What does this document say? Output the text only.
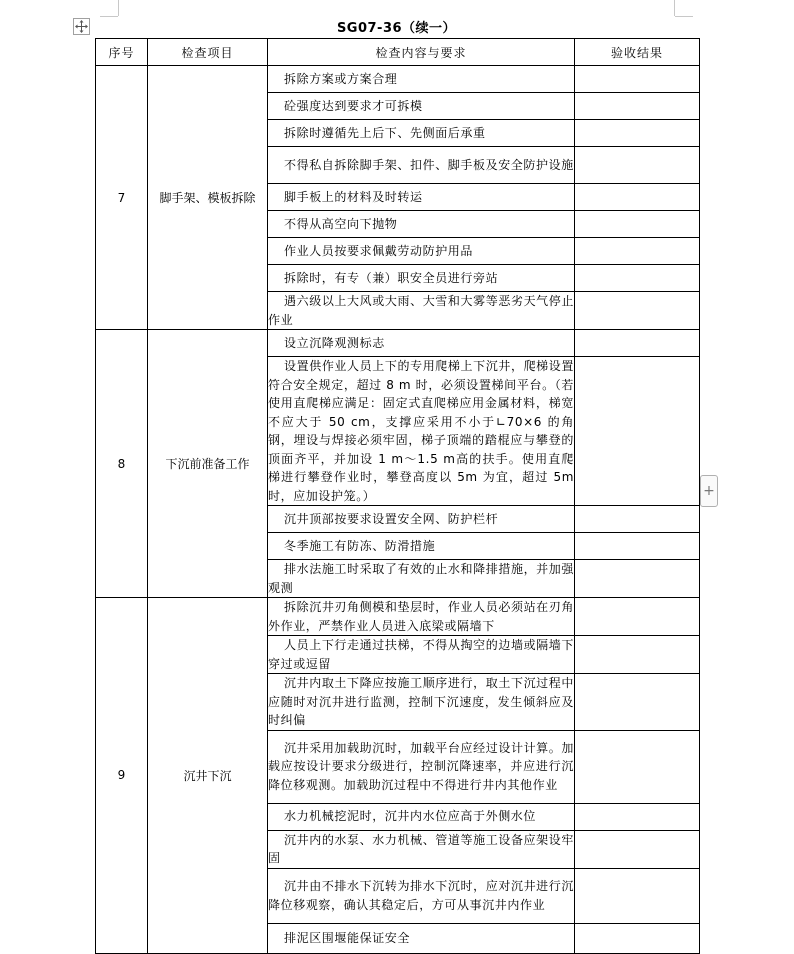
+
SG07-36（续一）
序号	检查项目	检查内容与要求	验收结果
7	脚手架、模板拆除	拆除方案或方案合理	
		砼强度达到要求才可拆模	
		拆除时遵循先上后下、先侧面后承重	
		不得私自拆除脚手架、扣件、脚手板及安全防护设施	
		脚手板上的材料及时转运	
		不得从高空向下抛物	
		作业人员按要求佩戴劳动防护用品	
		拆除时，有专（兼）职安全员进行旁站	
		遇六级以上大风或大雨、大雪和大雾等恶劣天气停止作业	
8	下沉前准备工作	设立沉降观测标志	
		设置供作业人员上下的专用爬梯上下沉井，爬梯设置符合安全规定，超过 8 m 时，必须设置梯间平台。（若使用直爬梯应满足：固定式直爬梯应用金属材料，梯宽不应大于 50 cm，支撑应采用不小于∟70×6 的角钢，埋设与焊接必须牢固，梯子顶端的踏棍应与攀登的顶面齐平，并加设 1 m～1.5 m高的扶手。使用直爬梯进行攀登作业时，攀登高度以 5m 为宜，超过 5m 时，应加设护笼。）	
		沉井顶部按要求设置安全网、防护栏杆	
		冬季施工有防冻、防滑措施	
		排水法施工时采取了有效的止水和降排措施，并加强观测	
9	沉井下沉	拆除沉井刃角侧模和垫层时，作业人员必须站在刃角外作业，严禁作业人员进入底梁或隔墙下	
		人员上下行走通过扶梯，不得从掏空的边墙或隔墙下穿过或逗留	
		沉井内取土下降应按施工顺序进行，取土下沉过程中应随时对沉井进行监测，控制下沉速度，发生倾斜应及时纠偏	
		沉井采用加载助沉时，加载平台应经过设计计算。加载应按设计要求分级进行，控制沉降速率，并应进行沉降位移观测。加载助沉过程中不得进行井内其他作业	
		水力机械挖泥时，沉井内水位应高于外侧水位	
		沉井内的水泵、水力机械、管道等施工设备应架设牢固	
		沉井由不排水下沉转为排水下沉时，应对沉井进行沉降位移观察，确认其稳定后，方可从事沉井内作业	
		排泥区围堰能保证安全	
